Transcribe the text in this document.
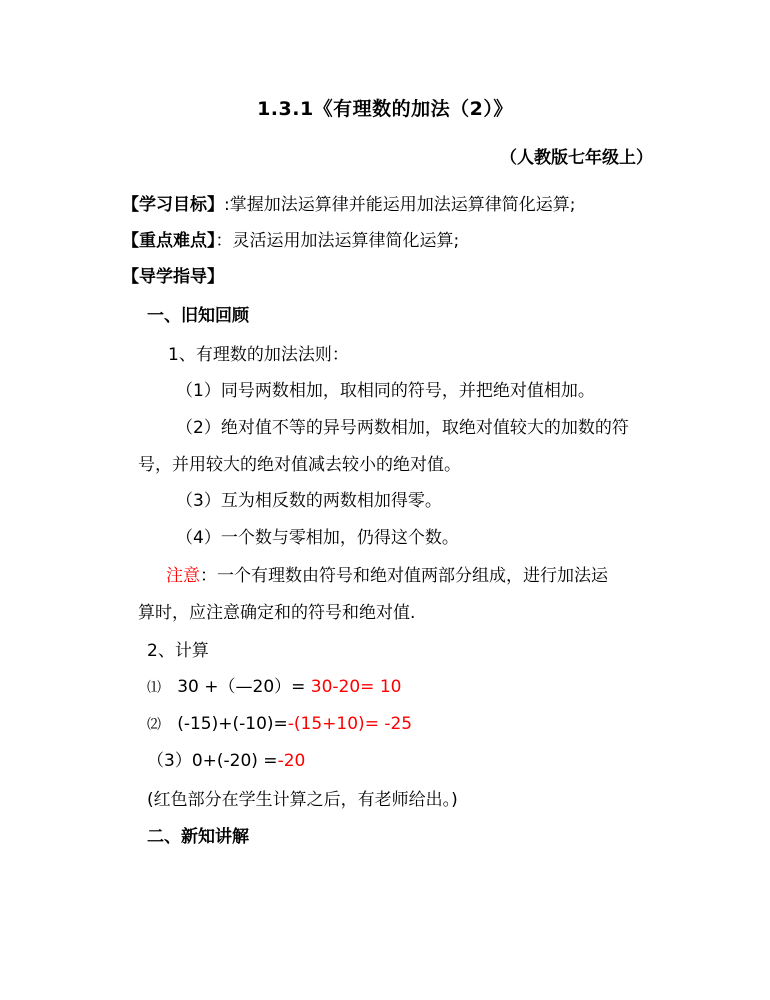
1.3.1《有理数的加法（2）》
（人教版七年级上）
【学习目标】:掌握加法运算律并能运用加法运算律简化运算;
【重点难点】：灵活运用加法运算律简化运算;
【导学指导】
一、旧知回顾
1、有理数的加法法则：
（1）同号两数相加，取相同的符号，并把绝对值相加。
（2）绝对值不等的异号两数相加，取绝对值较大的加数的符
号，并用较大的绝对值减去较小的绝对值。
（3）互为相反数的两数相加得零。
（4）一个数与零相加，仍得这个数。
注意：一个有理数由符号和绝对值两部分组成，进行加法运
算时，应注意确定和的符号和绝对值.
2、计算
⑴ 30 +（—20）= 30-20= 10
⑵ (-15)+(-10)=-(15+10)= -25
（3）0+(-20) =-20
(红色部分在学生计算之后，有老师给出。)
二、新知讲解
